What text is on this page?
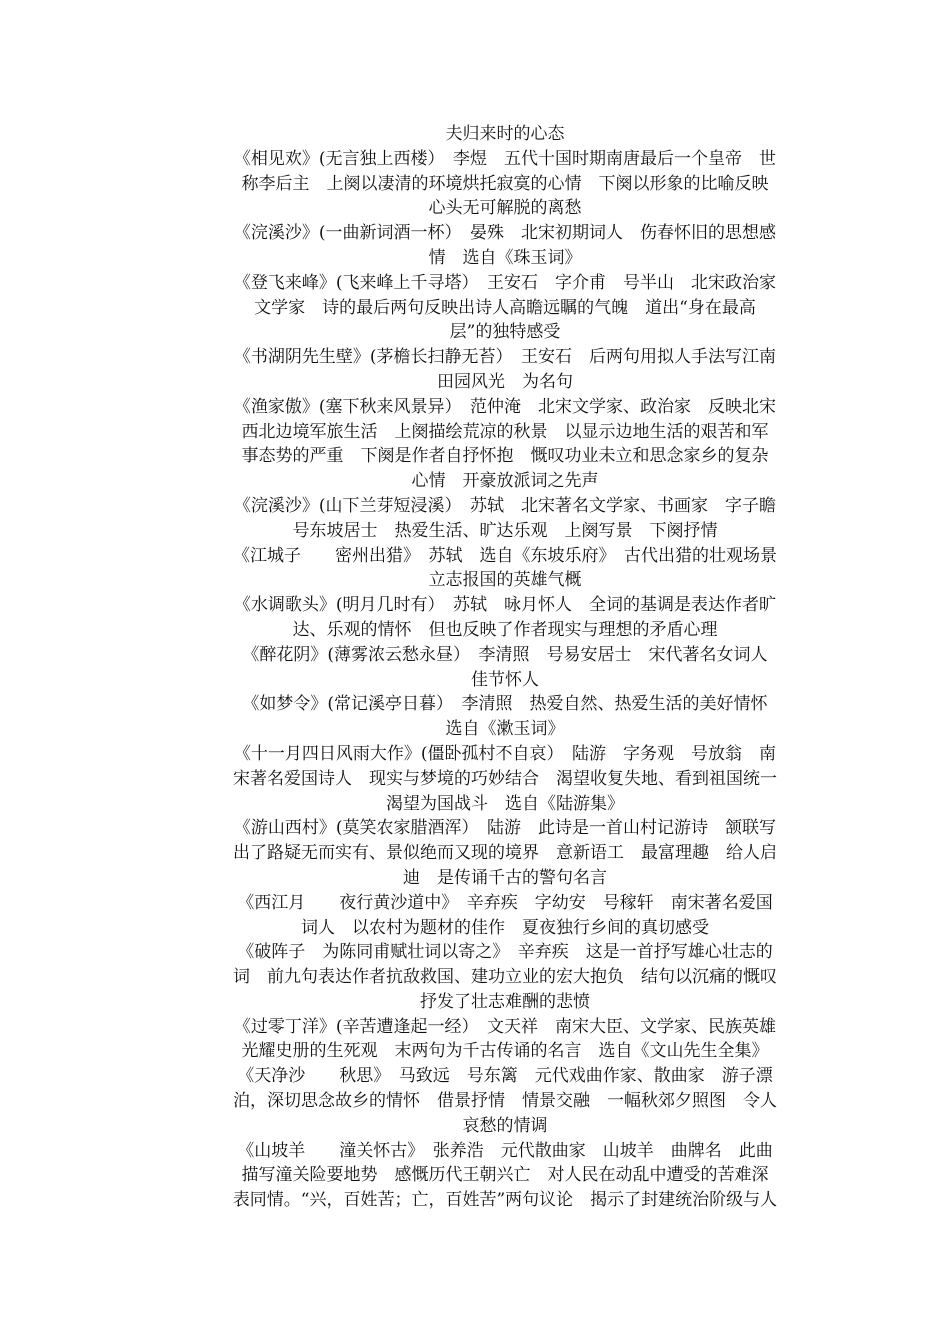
夫归来时的心态
《相见欢》(无言独上西楼）　李煜　五代十国时期南唐最后一个皇帝　世
称李后主　上阕以凄清的环境烘托寂寞的心情　下阕以形象的比喻反映
心头无可解脱的离愁
《浣溪沙》(一曲新词酒一杯）　晏殊　北宋初期词人　伤春怀旧的思想感
情　选自《珠玉词》
《登飞来峰》(飞来峰上千寻塔）　王安石　字介甫　号半山　北宋政治家
文学家　诗的最后两句反映出诗人高瞻远瞩的气魄　道出“身在最高
层”的独特感受
《书湖阴先生壁》(茅檐长扫静无苔）　王安石　后两句用拟人手法写江南
田园风光　为名句
《渔家傲》(塞下秋来风景异）　范仲淹　北宋文学家、政治家　反映北宋
西北边境军旅生活　上阕描绘荒凉的秋景　以显示边地生活的艰苦和军
事态势的严重　下阕是作者自抒怀抱　慨叹功业未立和思念家乡的复杂
心情　开豪放派词之先声
《浣溪沙》(山下兰芽短浸溪）　苏轼　北宋著名文学家、书画家　字子瞻
号东坡居士　热爱生活、旷达乐观　上阕写景　下阕抒情
《江城子　　密州出猎》　苏轼　选自《东坡乐府》　古代出猎的壮观场景
立志报国的英雄气概
《水调歌头》(明月几时有）　苏轼　咏月怀人　全词的基调是表达作者旷
达、乐观的情怀　但也反映了作者现实与理想的矛盾心理
《醉花阴》(薄雾浓云愁永昼）　李清照　号易安居士　宋代著名女词人
佳节怀人
《如梦令》(常记溪亭日暮）　李清照　热爱自然、热爱生活的美好情怀
选自《漱玉词》
《十一月四日风雨大作》(僵卧孤村不自哀）　陆游　字务观　号放翁　南
宋著名爱国诗人　现实与梦境的巧妙结合　渴望收复失地、看到祖国统一
渴望为国战斗　选自《陆游集》
《游山西村》(莫笑农家腊酒浑）　陆游　此诗是一首山村记游诗　颔联写
出了路疑无而实有、景似绝而又现的境界　意新语工　最富理趣　给人启
迪　是传诵千古的警句名言
《西江月　　夜行黄沙道中》　辛弃疾　字幼安　号稼轩　南宋著名爱国
词人　以农村为题材的佳作　夏夜独行乡间的真切感受
《破阵子　为陈同甫赋壮词以寄之》　辛弃疾　这是一首抒写雄心壮志的
词　前九句表达作者抗敌救国、建功立业的宏大抱负　结句以沉痛的慨叹
抒发了壮志难酬的悲愤
《过零丁洋》(辛苦遭逢起一经）　文天祥　南宋大臣、文学家、民族英雄
光耀史册的生死观　末两句为千古传诵的名言　选自《文山先生全集》
《天净沙　　秋思》　马致远　号东篱　元代戏曲作家、散曲家　游子漂
泊，深切思念故乡的情怀　借景抒情　情景交融　一幅秋郊夕照图　令人
哀愁的情调
《山坡羊　　潼关怀古》　张养浩　元代散曲家　山坡羊　曲牌名　此曲
描写潼关险要地势　感慨历代王朝兴亡　对人民在动乱中遭受的苦难深
表同情。“兴，百姓苦；亡，百姓苦”两句议论　揭示了封建统治阶级与人
